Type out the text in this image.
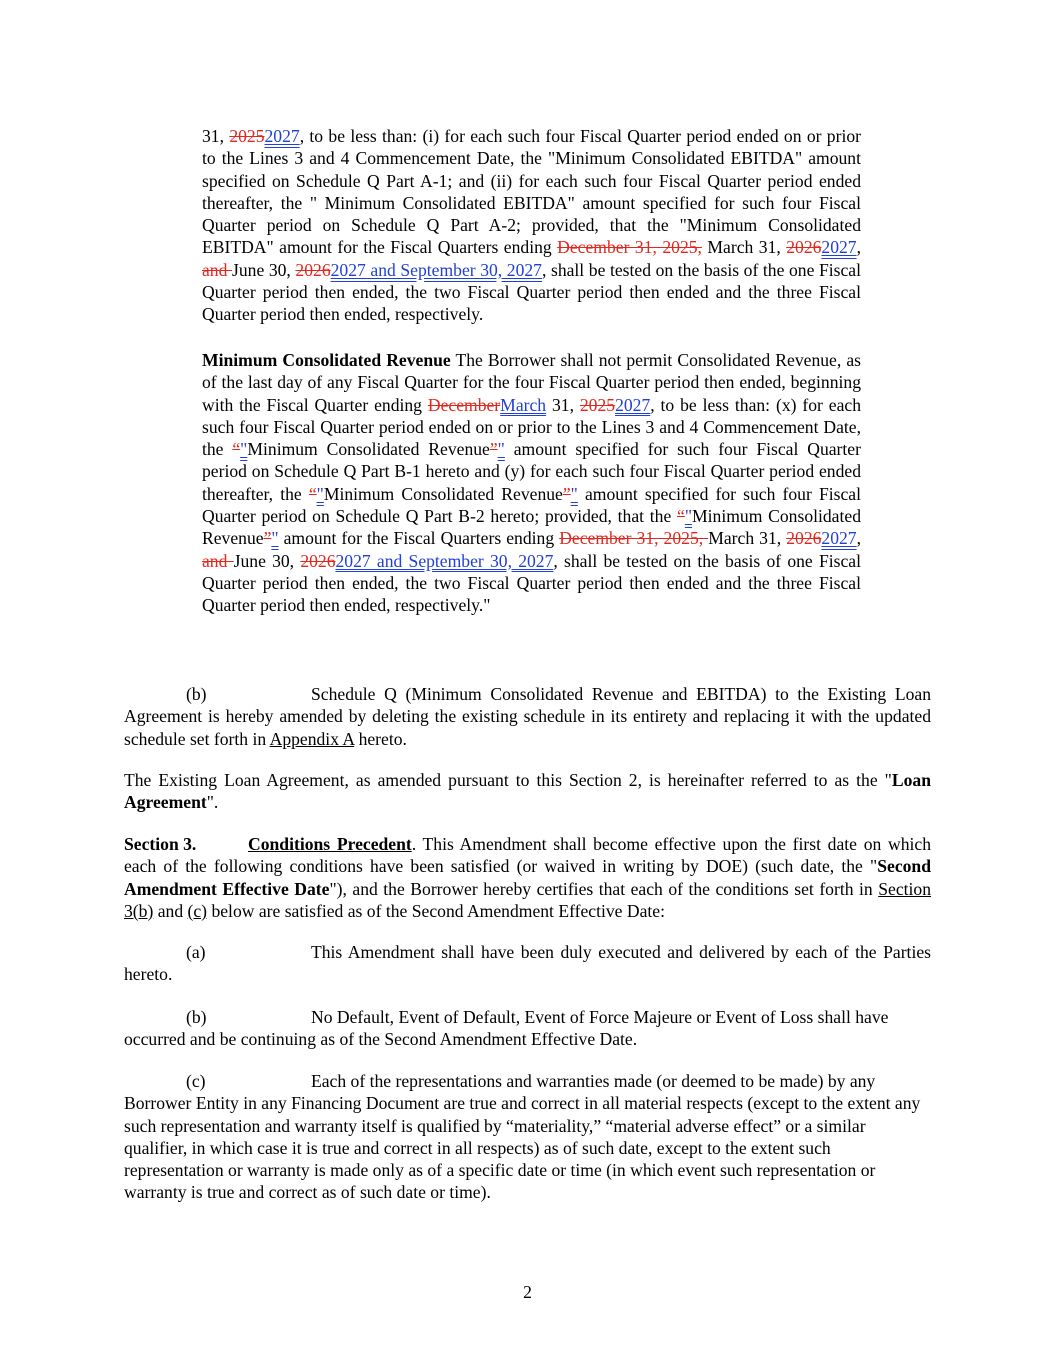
31, 20252027, to be less than: (i) for each such four Fiscal Quarter period ended on or prior to the Lines 3 and 4 Commencement Date, the "Minimum Consolidated EBITDA" amount specified on Schedule Q Part A-1; and (ii) for each such four Fiscal Quarter period ended thereafter, the " Minimum Consolidated EBITDA" amount specified for such four Fiscal Quarter period on Schedule Q Part A-2; provided, that the "Minimum Consolidated EBITDA" amount for the Fiscal Quarters ending December 31, 2025, March 31, 20262027, and June 30, 20262027 and September 30, 2027, shall be tested on the basis of the one Fiscal Quarter period then ended, the two Fiscal Quarter period then ended and the three Fiscal Quarter period then ended, respectively.
Minimum Consolidated Revenue The Borrower shall not permit Consolidated Revenue, as of the last day of any Fiscal Quarter for the four Fiscal Quarter period then ended, beginning with the Fiscal Quarter ending DecemberMarch 31, 20252027, to be less than: (x) for each such four Fiscal Quarter period ended on or prior to the Lines 3 and 4 Commencement Date, the “"Minimum Consolidated Revenue”" amount specified for such four Fiscal Quarter period on Schedule Q Part B-1 hereto and (y) for each such four Fiscal Quarter period ended thereafter, the “"Minimum Consolidated Revenue”" amount specified for such four Fiscal Quarter period on Schedule Q Part B-2 hereto; provided, that the “"Minimum Consolidated Revenue”" amount for the Fiscal Quarters ending December 31, 2025, March 31, 20262027, and June 30, 20262027 and September 30, 2027, shall be tested on the basis of one Fiscal Quarter period then ended, the two Fiscal Quarter period then ended and the three Fiscal Quarter period then ended, respectively."
(b)	Schedule Q (Minimum Consolidated Revenue and EBITDA) to the Existing Loan Agreement is hereby amended by deleting the existing schedule in its entirety and replacing it with the updated schedule set forth in Appendix A hereto.
The Existing Loan Agreement, as amended pursuant to this Section 2, is hereinafter referred to as the "Loan Agreement".
Section 3.	Conditions Precedent. This Amendment shall become effective upon the first date on which each of the following conditions have been satisfied (or waived in writing by DOE) (such date, the "Second Amendment Effective Date"), and the Borrower hereby certifies that each of the conditions set forth in Section 3(b) and (c) below are satisfied as of the Second Amendment Effective Date:
(a)	This Amendment shall have been duly executed and delivered by each of the Parties hereto.
(b)	No Default, Event of Default, Event of Force Majeure or Event of Loss shall have occurred and be continuing as of the Second Amendment Effective Date.
(c)	Each of the representations and warranties made (or deemed to be made) by any Borrower Entity in any Financing Document are true and correct in all material respects (except to the extent any such representation and warranty itself is qualified by “materiality,” “material adverse effect” or a similar qualifier, in which case it is true and correct in all respects) as of such date, except to the extent such representation or warranty is made only as of a specific date or time (in which event such representation or warranty is true and correct as of such date or time).
2
